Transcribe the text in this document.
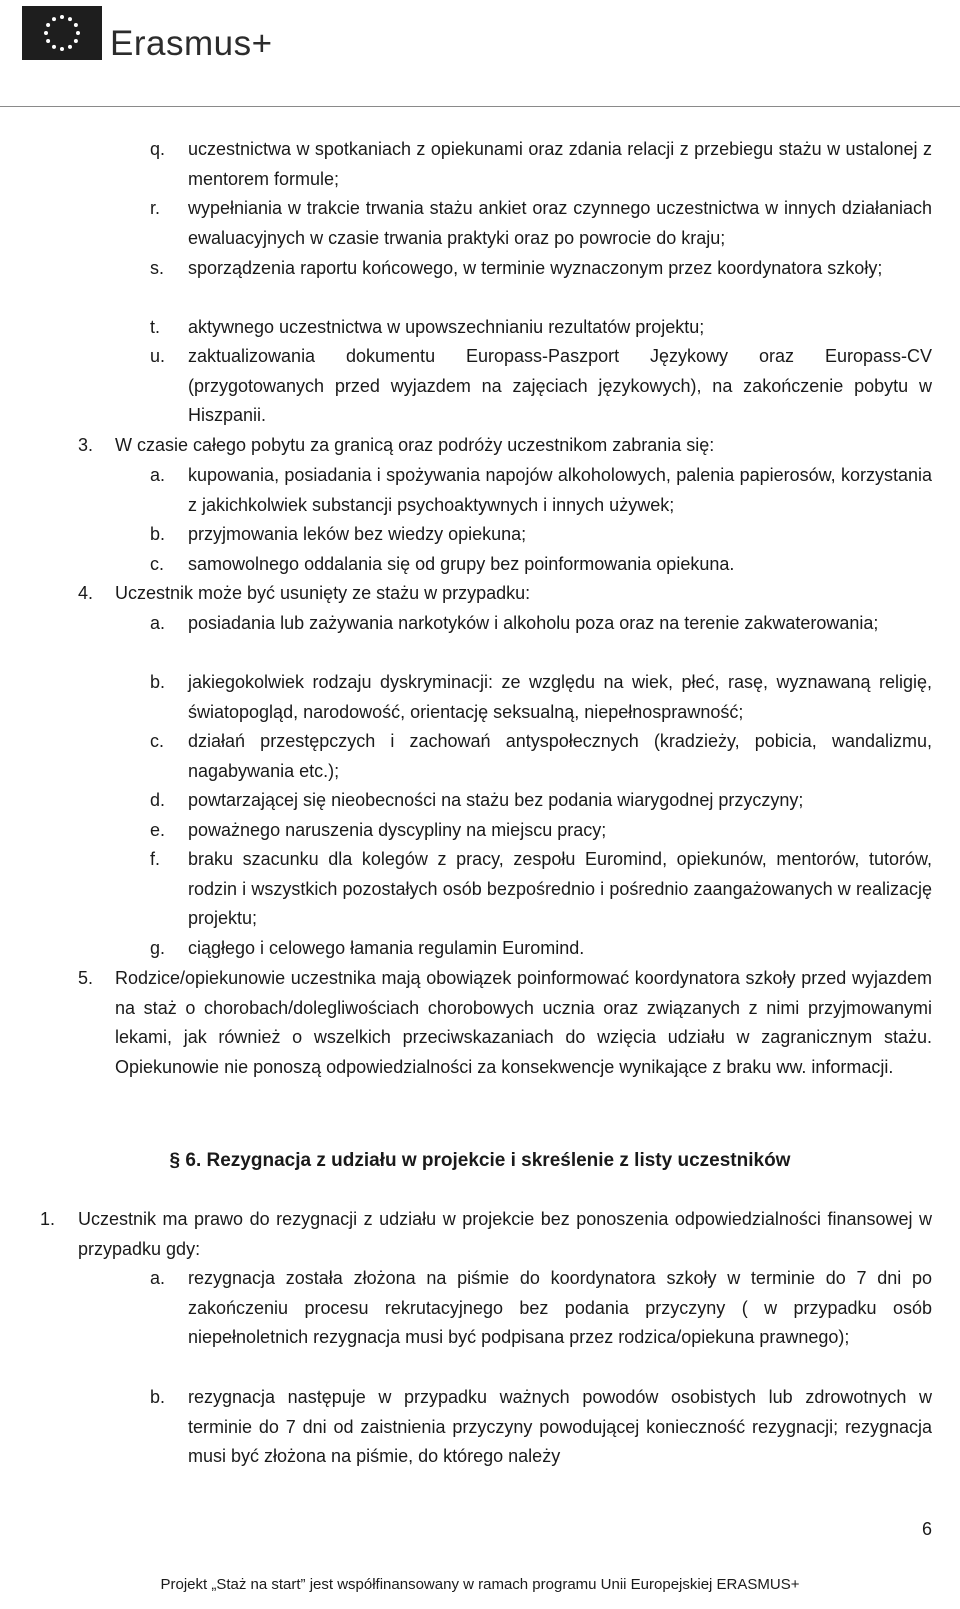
Erasmus+
q. uczestnictwa w spotkaniach z opiekunami oraz zdania relacji z przebiegu stażu w ustalonej z mentorem formule;
r. wypełniania w trakcie trwania stażu ankiet oraz czynnego uczestnictwa w innych działaniach ewaluacyjnych w czasie trwania praktyki oraz po powrocie do kraju;
s. sporządzenia raportu końcowego, w terminie wyznaczonym przez koordynatora szkoły;
t. aktywnego uczestnictwa w upowszechnianiu rezultatów projektu;
u. zaktualizowania dokumentu Europass-Paszport Językowy oraz Europass-CV (przygotowanych przed wyjazdem na zajęciach językowych), na zakończenie pobytu w Hiszpanii.
3. W czasie całego pobytu za granicą oraz podróży uczestnikom zabrania się:
a. kupowania, posiadania i spożywania napojów alkoholowych, palenia papierosów, korzystania z jakichkolwiek substancji psychoaktywnych i innych używek;
b. przyjmowania leków bez wiedzy opiekuna;
c. samowolnego oddalania się od grupy bez poinformowania opiekuna.
4. Uczestnik może być usunięty ze stażu w przypadku:
a. posiadania lub zażywania narkotyków i alkoholu poza oraz na terenie zakwaterowania;
b. jakiegokolwiek rodzaju dyskryminacji: ze względu na wiek, płeć, rasę, wyznawaną religię, światopogląd, narodowość, orientację seksualną, niepełnosprawność;
c. działań przestępczych i zachowań antyspołecznych (kradzieży, pobicia, wandalizmu, nagabywania etc.);
d. powtarzającej się nieobecności na stażu bez podania wiarygodnej przyczyny;
e. poważnego naruszenia dyscypliny na miejscu pracy;
f. braku szacunku dla kolegów z pracy, zespołu Euromind, opiekunów, mentorów, tutorów, rodzin i wszystkich pozostałych osób bezpośrednio i pośrednio zaangażowanych w realizację projektu;
g. ciągłego i celowego łamania regulamin Euromind.
5. Rodzice/opiekunowie uczestnika mają obowiązek poinformować koordynatora szkoły przed wyjazdem na staż o chorobach/dolegliwościach chorobowych ucznia oraz związanych z nimi przyjmowanymi lekami, jak również o wszelkich przeciwskazaniach do wzięcia udziału w zagranicznym stażu. Opiekunowie nie ponoszą odpowiedzialności za konsekwencje wynikające z braku ww. informacji.
§ 6. Rezygnacja z udziału w projekcie i skreślenie z listy uczestników
1. Uczestnik ma prawo do rezygnacji z udziału w projekcie bez ponoszenia odpowiedzialności finansowej w przypadku gdy:
a. rezygnacja została złożona na piśmie do koordynatora szkoły w terminie do 7 dni po zakończeniu procesu rekrutacyjnego bez podania przyczyny ( w przypadku osób niepełnoletnich rezygnacja musi być podpisana przez rodzica/opiekuna prawnego);
b. rezygnacja następuje w przypadku ważnych powodów osobistych lub zdrowotnych w terminie do 7 dni od zaistnienia przyczyny powodującej konieczność rezygnacji; rezygnacja musi być złożona na piśmie, do którego należy
6
Projekt „Staż na start” jest współfinansowany w ramach programu Unii Europejskiej ERASMUS+
